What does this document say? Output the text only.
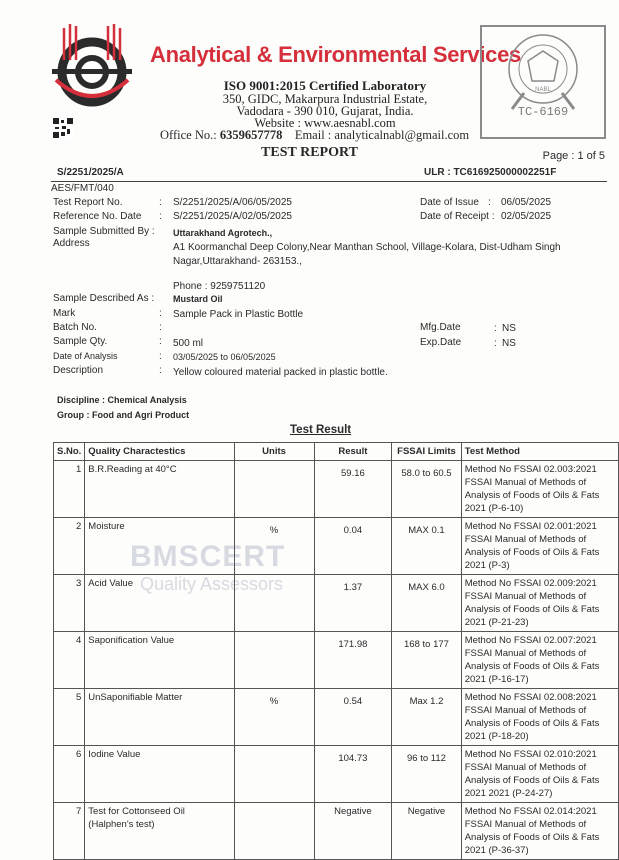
Analytical & Environmental Services
ISO 9001:2015 Certified Laboratory
350, GIDC, Makarpura Industrial Estate,
Vadodara - 390 010, Gujarat, India.
Website : www.aesnabl.com
Office No.: 6359657778 Email : analyticalnabl@gmail.com
TC-6169
NABL
TEST REPORT	Page : 1 of 5
S/2251/2025/A	ULR : TC616925000002251F
AES/FMT/040
Test Report No.	: S/2251/2025/A/06/05/2025
Reference No. Date : S/2251/2025/A/02/05/2025
Sample Submitted By :
Address
Uttarakhand Agrotech.,
A1 Koormanchal Deep Colony,Near Manthan School, Village-Kolara, Dist-Udham Singh
Nagar,Uttarakhand- 263153.,
Phone : 9259751120
Sample Described As : Mustard Oil
Mark	: Sample Pack in Plastic Bottle
Batch No.	:
Sample Qty.	: 500 ml
Date of Analysis	: 03/05/2025 to 06/05/2025
Description	: Yellow coloured material packed in plastic bottle.
Date of Issue : 06/05/2025
Date of Receipt : 02/05/2025
Mfg.Date	: NS
Exp.Date	: NS
Discipline : Chemical Analysis
Group : Food and Agri Product
Test Result
BMSCERT
Quality Assessors
S.No.	Quality Charactestics	Units	Result	FSSAI Limits	Test Method
1	B.R.Reading at 40°C		59.16	58.0 to 60.5	Method No FSSAI 02.003:2021 FSSAI Manual of Methods of Analysis of Foods of Oils & Fats 2021 (P-6-10)
2	Moisture	%	0.04	MAX 0.1	Method No FSSAI 02.001:2021 FSSAI Manual of Methods of Analysis of Foods of Oils & Fats 2021 (P-3)
3	Acid Value		1.37	MAX 6.0	Method No FSSAI 02.009:2021 FSSAI Manual of Methods of Analysis of Foods of Oils & Fats 2021 (P-21-23)
4	Saponification Value		171.98	168 to 177	Method No FSSAI 02.007:2021 FSSAI Manual of Methods of Analysis of Foods of Oils & Fats 2021 (P-16-17)
5	UnSaponifiable Matter	%	0.54	Max 1.2	Method No FSSAI 02.008:2021 FSSAI Manual of Methods of Analysis of Foods of Oils & Fats 2021 (P-18-20)
6	Iodine Value		104.73	96 to 112	Method No FSSAI 02.010:2021 FSSAI Manual of Methods of Analysis of Foods of Oils & Fats 2021 2021 (P-24-27)
7	Test for Cottonseed Oil (Halphen's test)		Negative	Negative	Method No FSSAI 02.014:2021 FSSAI Manual of Methods of Analysis of Foods of Oils & Fats 2021 (P-36-37)
